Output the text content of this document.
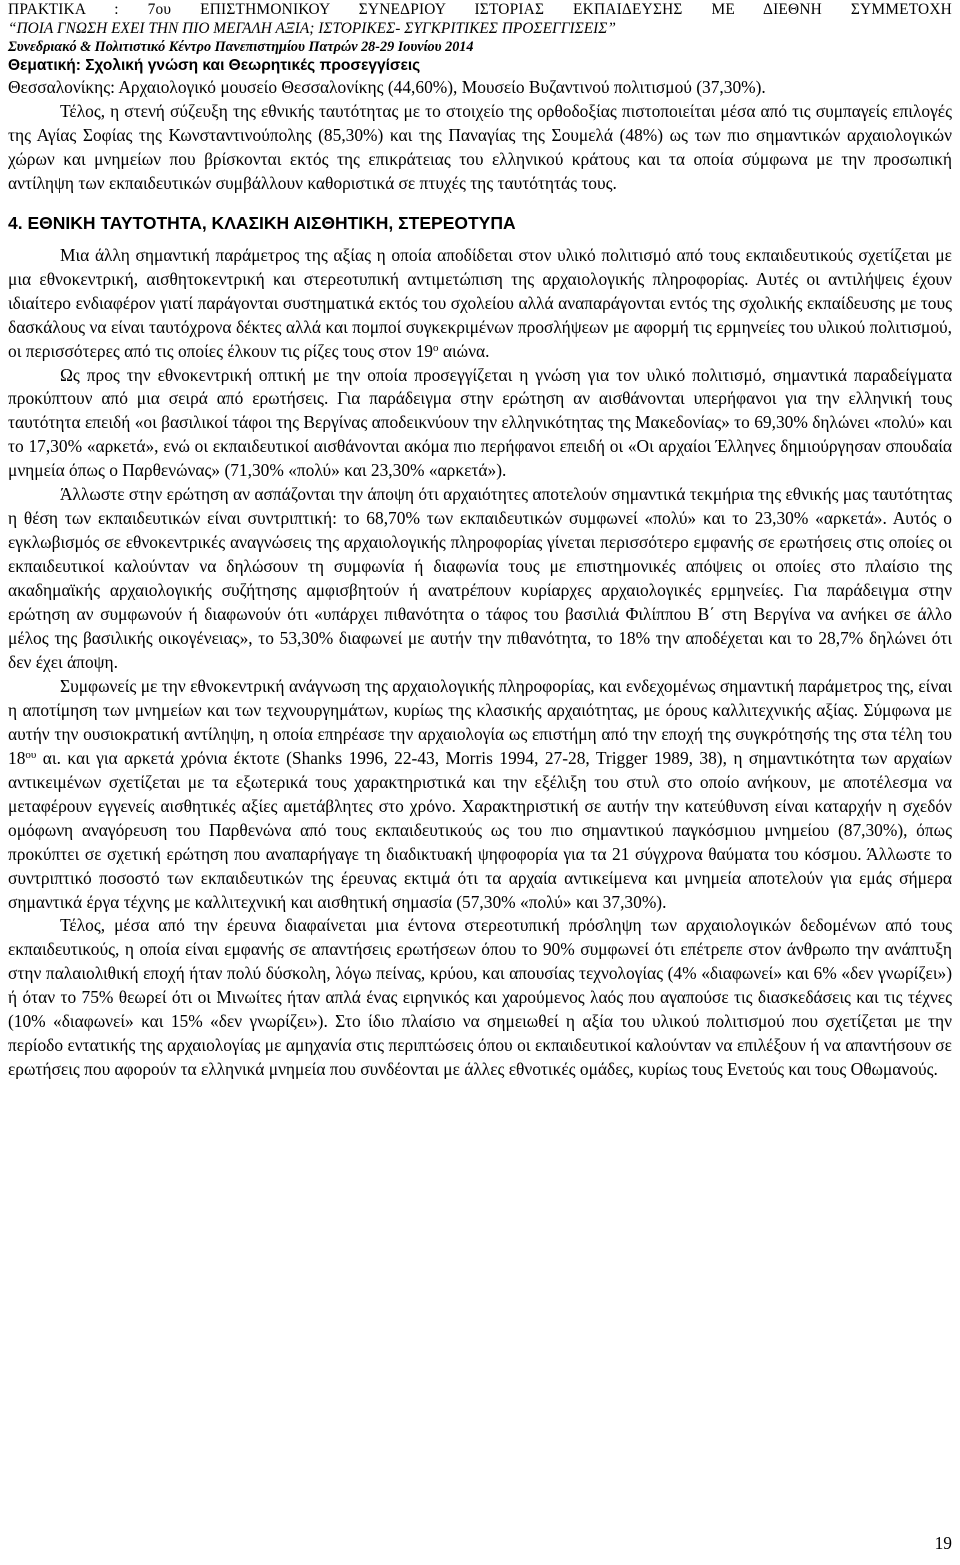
ΠΡΑΚΤΙΚΑ : 7ου ΕΠΙΣΤΗΜΟΝΙΚΟΥ ΣΥΝΕΔΡΙΟΥ ΙΣΤΟΡΙΑΣ ΕΚΠΑΙΔΕΥΣΗΣ ΜΕ ΔΙΕΘΝΗ ΣΥΜΜΕΤΟΧΗ
“ΠΟΙΑ ΓΝΩΣΗ ΕΧΕΙ ΤΗΝ ΠΙΟ ΜΕΓΑΛΗ ΑΞΙΑ; ΙΣΤΟΡΙΚΕΣ- ΣΥΓΚΡΙΤΙΚΕΣ ΠΡΟΣΕΓΓΙΣΕΙΣ”
Συνεδριακό & Πολιτιστικό Κέντρο Πανεπιστημίου Πατρών 28-29 Ιουνίου 2014
Θεματική: Σχολική γνώση και Θεωρητικές προσεγγίσεις

Θεσσαλονίκης: Αρχαιολογικό μουσείο Θεσσαλονίκης (44,60%), Μουσείο Βυζαντινού πολιτισμού (37,30%).

Τέλος, η στενή σύζευξη της εθνικής ταυτότητας με το στοιχείο της ορθοδοξίας πιστοποιείται μέσα από τις συμπαγείς επιλογές της Αγίας Σοφίας της Κωνσταντινούπολης (85,30%) και της Παναγίας της Σουμελά (48%) ως των πιο σημαντικών αρχαιολογικών χώρων και μνημείων που βρίσκονται εκτός της επικράτειας του ελληνικού κράτους και τα οποία σύμφωνα με την προσωπική αντίληψη των εκπαιδευτικών συμβάλλουν καθοριστικά σε πτυχές της ταυτότητάς τους.

4. ΕΘΝΙΚΗ ΤΑΥΤΟΤΗΤΑ, ΚΛΑΣΙΚΗ ΑΙΣΘΗΤΙΚΗ, ΣΤΕΡΕΟΤΥΠΑ

Μια άλλη σημαντική παράμετρος της αξίας η οποία αποδίδεται στον υλικό πολιτισμό από τους εκπαιδευτικούς σχετίζεται με μια εθνοκεντρική, αισθητοκεντρική και στερεοτυπική αντιμετώπιση της αρχαιολογικής πληροφορίας. Αυτές οι αντιλήψεις έχουν ιδιαίτερο ενδιαφέρον γιατί παράγονται συστηματικά εκτός του σχολείου αλλά αναπαράγονται εντός της σχολικής εκπαίδευσης με τους δασκάλους να είναι ταυτόχρονα δέκτες αλλά και πομποί συγκεκριμένων προσλήψεων με αφορμή τις ερμηνείες του υλικού πολιτισμού, οι περισσότερες από τις οποίες έλκουν τις ρίζες τους στον $19^o$ αιώνα.

Ως προς την εθνοκεντρική οπτική με την οποία προσεγγίζεται η γνώση για τον υλικό πολιτισμό, σημαντικά παραδείγματα προκύπτουν από μια σειρά από ερωτήσεις. Για παράδειγμα στην ερώτηση αν αισθάνονται υπερήφανοι για την ελληνική τους ταυτότητα επειδή «οι βασιλικοί τάφοι της Βεργίνας αποδεικνύουν την ελληνικότητας της Μακεδονίας» το 69,30% δηλώνει «πολύ» και το 17,30% «αρκετά», ενώ οι εκπαιδευτικοί αισθάνονται ακόμα πιο περήφανοι επειδή οι «Οι αρχαίοι Έλληνες δημιούργησαν σπουδαία μνημεία όπως ο Παρθενώνας» (71,30% «πολύ» και 23,30% «αρκετά»).

Άλλωστε στην ερώτηση αν ασπάζονται την άποψη ότι αρχαιότητες αποτελούν σημαντικά τεκμήρια της εθνικής μας ταυτότητας η θέση των εκπαιδευτικών είναι συντριπτική: το 68,70% των εκπαιδευτικών συμφωνεί «πολύ» και το 23,30% «αρκετά». Αυτός ο εγκλωβισμός σε εθνοκεντρικές αναγνώσεις της αρχαιολογικής πληροφορίας γίνεται περισσότερο εμφανής σε ερωτήσεις στις οποίες οι εκπαιδευτικοί καλούνταν να δηλώσουν τη συμφωνία ή διαφωνία τους με επιστημονικές απόψεις οι οποίες στο πλαίσιο της ακαδημαϊκής αρχαιολογικής συζήτησης αμφισβητούν ή ανατρέπουν κυρίαρχες αρχαιολογικές ερμηνείες. Για παράδειγμα στην ερώτηση αν συμφωνούν ή διαφωνούν ότι «υπάρχει πιθανότητα ο τάφος του βασιλιά Φιλίππου Β΄ στη Βεργίνα να ανήκει σε άλλο μέλος της βασιλικής οικογένειας», το 53,30% διαφωνεί με αυτήν την πιθανότητα, το 18% την αποδέχεται και το 28,7% δηλώνει ότι δεν έχει άποψη.

Συμφωνείς με την εθνοκεντρική ανάγνωση της αρχαιολογικής πληροφορίας, και ενδεχομένως σημαντική παράμετρος της, είναι η αποτίμηση των μνημείων και των τεχνουργημάτων, κυρίως της κλασικής αρχαιότητας, με όρους καλλιτεχνικής αξίας. Σύμφωνα με αυτήν την ουσιοκρατική αντίληψη, η οποία επηρέασε την αρχαιολογία ως επιστήμη από την εποχή της συγκρότησής της στα τέλη του $18^{o\upsilon}$ αι. και για αρκετά χρόνια έκτοτε (Shanks 1996, 22-43, Morris 1994, 27-28, Trigger 1989, 38), η σημαντικότητα των αρχαίων αντικειμένων σχετίζεται με τα εξωτερικά τους χαρακτηριστικά και την εξέλιξη του στυλ στο οποίο ανήκουν, με αποτέλεσμα να μεταφέρουν εγγενείς αισθητικές αξίες αμετάβλητες στο χρόνο. Χαρακτηριστική σε αυτήν την κατεύθυνση είναι καταρχήν η σχεδόν ομόφωνη αναγόρευση του Παρθενώνα από τους εκπαιδευτικούς ως του πιο σημαντικού παγκόσμιου μνημείου (87,30%), όπως προκύπτει σε σχετική ερώτηση που αναπαρήγαγε τη διαδικτυακή ψηφοφορία για τα 21 σύγχρονα θαύματα του κόσμου. Άλλωστε το συντριπτικό ποσοστό των εκπαιδευτικών της έρευνας εκτιμά ότι τα αρχαία αντικείμενα και μνημεία αποτελούν για εμάς σήμερα σημαντικά έργα τέχνης με καλλιτεχνική και αισθητική σημασία (57,30% «πολύ» και 37,30%).

Τέλος, μέσα από την έρευνα διαφαίνεται μια έντονα στερεοτυπική πρόσληψη των αρχαιολογικών δεδομένων από τους εκπαιδευτικούς, η οποία είναι εμφανής σε απαντήσεις ερωτήσεων όπου το 90% συμφωνεί ότι επέτρεπε στον άνθρωπο την ανάπτυξη στην παλαιολιθική εποχή ήταν πολύ δύσκολη, λόγω πείνας, κρύου, και απουσίας τεχνολογίας (4% «διαφωνεί» και 6% «δεν γνωρίζει») ή όταν το 75% θεωρεί ότι οι Μινωίτες ήταν απλά ένας ειρηνικός και χαρούμενος λαός που αγαπούσε τις διασκεδάσεις και τις τέχνες (10% «διαφωνεί» και 15% «δεν γνωρίζει»). Στο ίδιο πλαίσιο να σημειωθεί η αξία του υλικού πολιτισμού που σχετίζεται με την περίοδο εντατικής της αρχαιολογίας με αμηχανία στις περιπτώσεις όπου οι εκπαιδευτικοί καλούνταν να επιλέξουν ή να απαντήσουν σε ερωτήσεις που αφορούν τα ελληνικά μνημεία που συνδέονται με άλλες εθνοτικές ομάδες, κυρίως τους Ενετούς και τους Οθωμανούς.

19
